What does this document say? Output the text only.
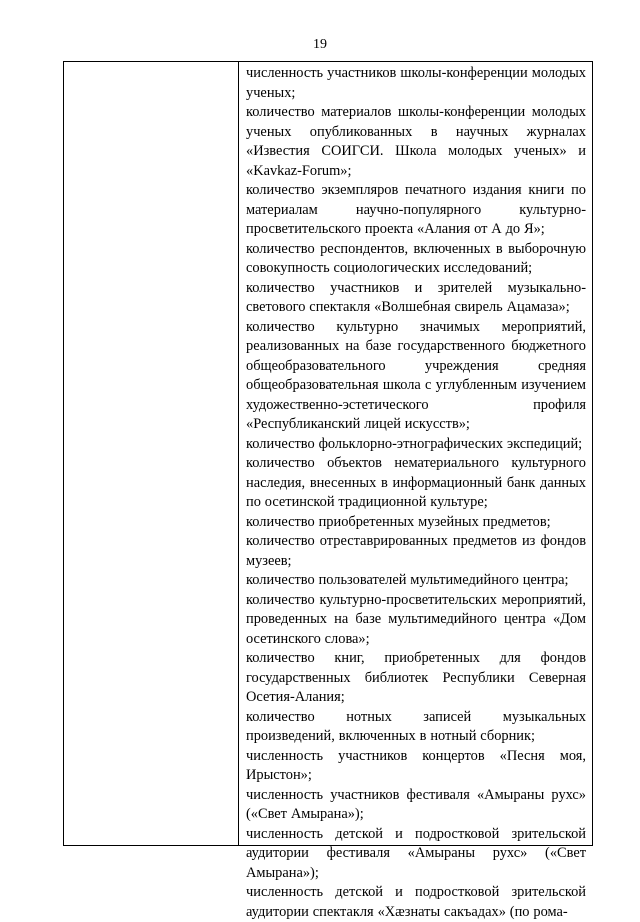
19

численность участников школы-конференции молодых ученых;

количество материалов школы-конференции молодых ученых опубликованных в научных журналах «Известия СОИГСИ. Школа молодых ученых» и «Kavkaz-Forum»;

количество экземпляров печатного издания книги по материалам научно-популярного культурно-просветительского проекта «Алания от А до Я»;

количество респондентов, включенных в выборочную совокупность социологических исследований;

количество участников и зрителей музыкально-светового спектакля «Волшебная свирель Ацамаза»;

количество культурно значимых мероприятий, реализованных на базе государственного бюджетного общеобразовательного учреждения средняя общеобразовательная школа с углубленным изучением художественно-эстетического профиля «Республиканский лицей искусств»;

количество фольклорно-этнографических экспедиций;

количество объектов нематериального культурного наследия, внесенных в информационный банк данных по осетинской традиционной культуре;

количество приобретенных музейных предметов;

количество отреставрированных предметов из фондов музеев;

количество пользователей мультимедийного центра;

количество культурно-просветительских мероприятий, проведенных на базе мультимедийного центра «Дом осетинского слова»;

количество книг, приобретенных для фондов государственных библиотек Республики Северная Осетия-Алания;

количество нотных записей музыкальных произведений, включенных в нотный сборник;

численность участников концертов «Песня моя, Ирыстон»;

численность участников фестиваля «Амыраны рухс» («Свет Амырана»);

численность детской и подростковой зрительской аудитории фестиваля «Амыраны рухс» («Свет Амырана»);

численность детской и подростковой зрительской аудитории спектакля «Хæзнаты сакъадах» (по рома-
